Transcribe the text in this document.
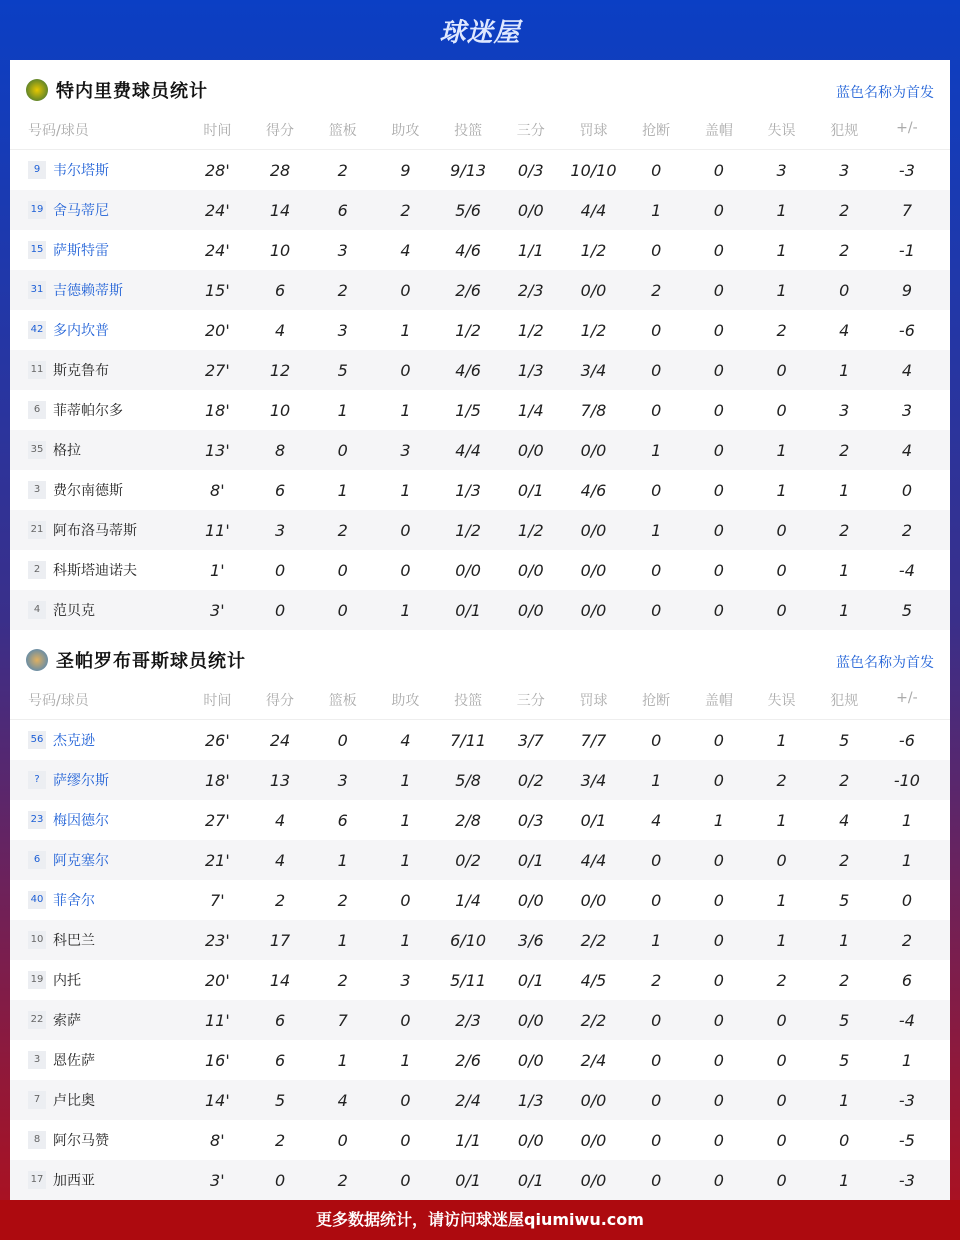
球迷屋
特内里费球员统计	蓝色名称为首发
号码/球员	时间	得分	篮板	助攻	投篮	三分	罚球	抢断	盖帽	失误	犯规	+/-
9 韦尔塔斯	28'	28	2	9	9/13	0/3	10/10	0	0	3	3	-3
19 舍马蒂尼	24'	14	6	2	5/6	0/0	4/4	1	0	1	2	7
15 萨斯特雷	24'	10	3	4	4/6	1/1	1/2	0	0	1	2	-1
31 吉德赖蒂斯	15'	6	2	0	2/6	2/3	0/0	2	0	1	0	9
42 多内坎普	20'	4	3	1	1/2	1/2	1/2	0	0	2	4	-6
11 斯克鲁布	27'	12	5	0	4/6	1/3	3/4	0	0	0	1	4
6 菲蒂帕尔多	18'	10	1	1	1/5	1/4	7/8	0	0	0	3	3
35 格拉	13'	8	0	3	4/4	0/0	0/0	1	0	1	2	4
3 费尔南德斯	8'	6	1	1	1/3	0/1	4/6	0	0	1	1	0
21 阿布洛马蒂斯	11'	3	2	0	1/2	1/2	0/0	1	0	0	2	2
2 科斯塔迪诺夫	1'	0	0	0	0/0	0/0	0/0	0	0	0	1	-4
4 范贝克	3'	0	0	1	0/1	0/0	0/0	0	0	0	1	5
圣帕罗布哥斯球员统计	蓝色名称为首发
号码/球员	时间	得分	篮板	助攻	投篮	三分	罚球	抢断	盖帽	失误	犯规	+/-
56 杰克逊	26'	24	0	4	7/11	3/7	7/7	0	0	1	5	-6
? 萨缪尔斯	18'	13	3	1	5/8	0/2	3/4	1	0	2	2	-10
23 梅因德尔	27'	4	6	1	2/8	0/3	0/1	4	1	1	4	1
6 阿克塞尔	21'	4	1	1	0/2	0/1	4/4	0	0	0	2	1
40 菲舍尔	7'	2	2	0	1/4	0/0	0/0	0	0	1	5	0
10 科巴兰	23'	17	1	1	6/10	3/6	2/2	1	0	1	1	2
19 内托	20'	14	2	3	5/11	0/1	4/5	2	0	2	2	6
22 索萨	11'	6	7	0	2/3	0/0	2/2	0	0	0	5	-4
3 恩佐萨	16'	6	1	1	2/6	0/0	2/4	0	0	0	5	1
7 卢比奥	14'	5	4	0	2/4	1/3	0/0	0	0	0	1	-3
8 阿尔马赞	8'	2	0	0	1/1	0/0	0/0	0	0	0	0	-5
17 加西亚	3'	0	2	0	0/1	0/1	0/0	0	0	0	1	-3
更多数据统计，请访问球迷屋qiumiwu.com
